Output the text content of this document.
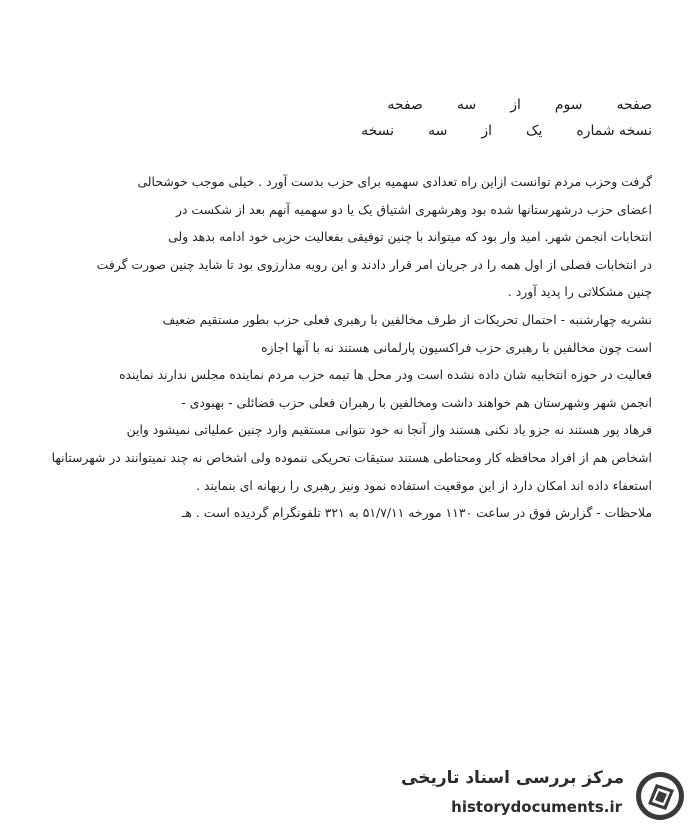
صفحه
سوم
از
سه
صفحه
نسخه شماره
یک
از
سه
نسخه
گرفت وحزب مردم توانست ازاین راه تعدادی سهمیه برای حزب بدست آورد . خیلی موجب خوشحالی
اعضای حزب درشهرستانها شده بود وهرشهری اشتیاق یک یا دو سهمیه آنهم بعد از شکست در
انتخابات انجمن شهر. امید وار بود که میتواند با چنین توفیقی بفعالیت حزبی خود ادامه بدهد ولی
در انتخابات فصلی از اول همه را در جریان امر قرار دادند و این رویه مدارزوی بود تا شاید چنین صورت گرفت
چنین مشکلاتی را پدید آورد .
نشریه چهارشنبه - احتمال تحریکات از طرف مخالفین با رهبری فعلی حزب بطور مستقیم ضعیف
است چون مخالفین با رهبری حزب فراکسیون پارلمانی هستند نه با آنها اجازه
فعالیت در حوزه انتخابیه شان داده نشده است ودر محل ها تیمه حزب مردم نماینده مجلس ندارند نماینده
انجمن شهر وشهرستان هم خواهند داشت ومخالفین با رهبران فعلی حزب فضائلی - بهبودی -
فرهاد پور هستند نه جزو یاد نکنی هستند واز آنجا نه خود نتوانی مستقیم وارد چنین عملیاتی نمیشود واین
اشخاص هم از افراد محافظه کار ومحتاطی هستند ستیقات تحریکی ننموده ولی اشخاص نه چند نمیتوانند در شهرستانها
استعفاء داده اند امکان دارد از این موقعیت استفاده نمود ونیز رهبری را ربهانه ای بنمایند .
ملاحظات - گزارش فوق در ساعت ۱۱۳۰ مورخه ۵۱/۷/۱۱ به ۳۲۱ تلفونگرام گردیده است . هـ
مرکز بررسی اسناد تاریخی
historydocuments.ir
